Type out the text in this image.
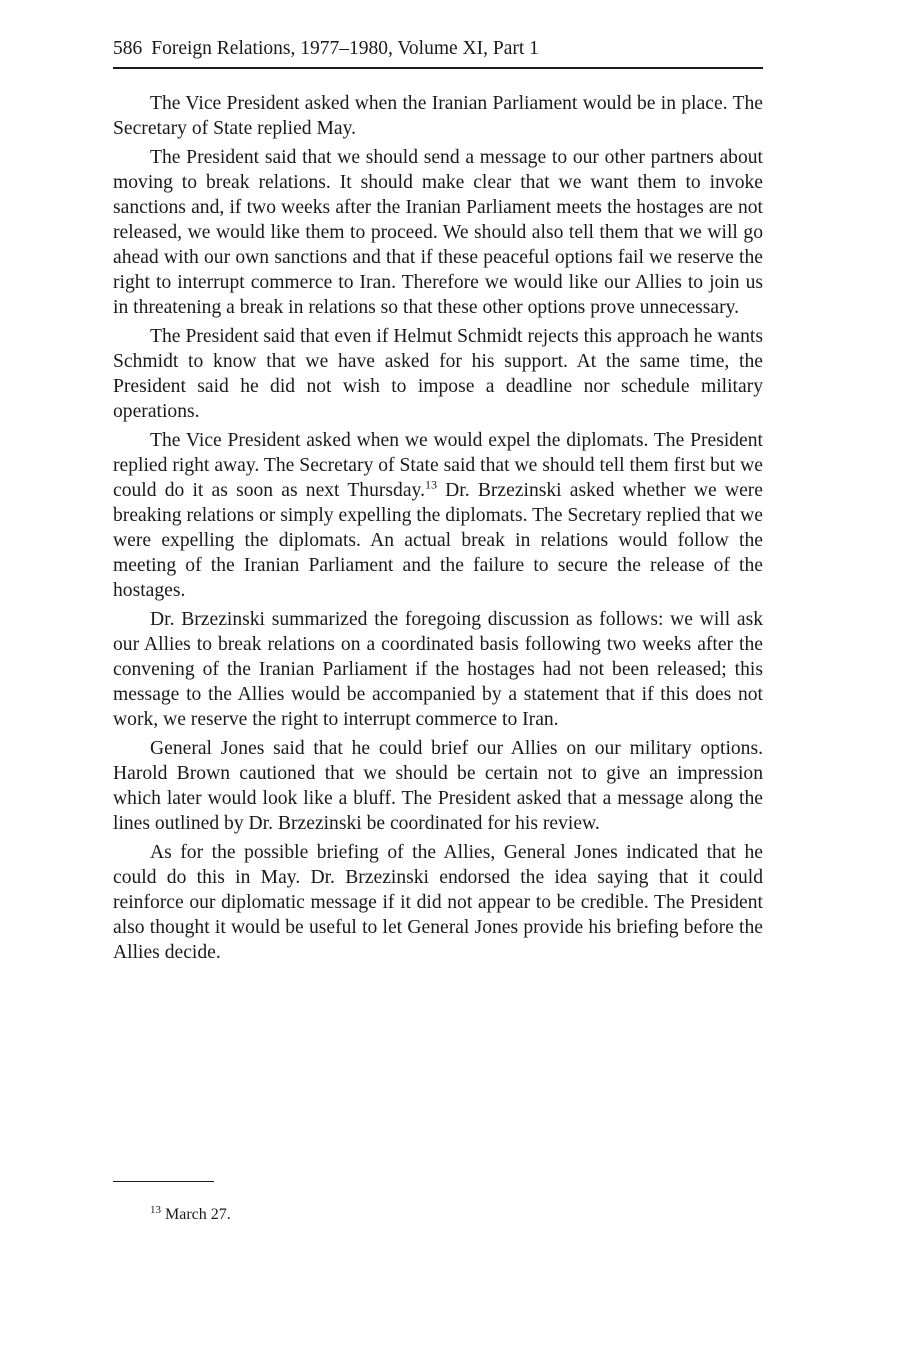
586 Foreign Relations, 1977–1980, Volume XI, Part 1

The Vice President asked when the Iranian Parliament would be in place. The Secretary of State replied May.

The President said that we should send a message to our other partners about moving to break relations. It should make clear that we want them to invoke sanctions and, if two weeks after the Iranian Parliament meets the hostages are not released, we would like them to proceed. We should also tell them that we will go ahead with our own sanctions and that if these peaceful options fail we reserve the right to interrupt commerce to Iran. Therefore we would like our Allies to join us in threatening a break in relations so that these other options prove unnecessary.

The President said that even if Helmut Schmidt rejects this approach he wants Schmidt to know that we have asked for his support. At the same time, the President said he did not wish to impose a deadline nor schedule military operations.

The Vice President asked when we would expel the diplomats. The President replied right away. The Secretary of State said that we should tell them first but we could do it as soon as next Thursday.$^{13}$ Dr. Brzezinski asked whether we were breaking relations or simply expelling the diplomats. The Secretary replied that we were expelling the diplomats. An actual break in relations would follow the meeting of the Iranian Parliament and the failure to secure the release of the hostages.

Dr. Brzezinski summarized the foregoing discussion as follows: we will ask our Allies to break relations on a coordinated basis following two weeks after the convening of the Iranian Parliament if the hostages had not been released; this message to the Allies would be accompanied by a statement that if this does not work, we reserve the right to interrupt commerce to Iran.

General Jones said that he could brief our Allies on our military options. Harold Brown cautioned that we should be certain not to give an impression which later would look like a bluff. The President asked that a message along the lines outlined by Dr. Brzezinski be coordinated for his review.

As for the possible briefing of the Allies, General Jones indicated that he could do this in May. Dr. Brzezinski endorsed the idea saying that it could reinforce our diplomatic message if it did not appear to be credible. The President also thought it would be useful to let General Jones provide his briefing before the Allies decide.

$^{13}$ March 27.
